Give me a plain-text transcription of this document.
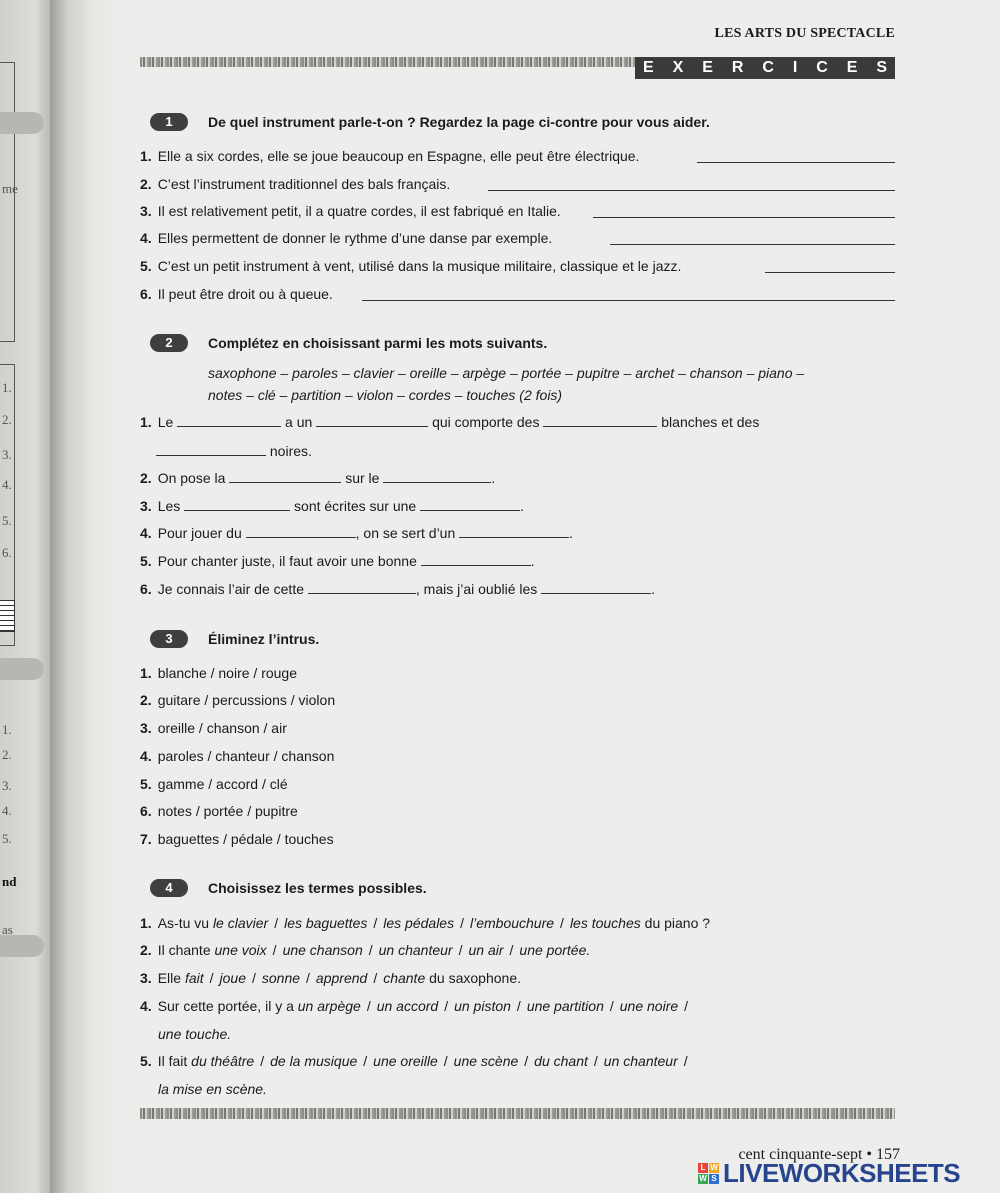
me
1.
2.
3.
4.
5.
6.
1.
2.
3.
4.
5.
nd
as
LES ARTS DU SPECTACLE
E X E R C I C E S
1	De quel instrument parle-t-on ? Regardez la page ci-contre pour vous aider.
1. Elle a six cordes, elle se joue beaucoup en Espagne, elle peut être électrique.
2. C’est l’instrument traditionnel des bals français.
3. Il est relativement petit, il a quatre cordes, il est fabriqué en Italie.
4. Elles permettent de donner le rythme d’une danse par exemple.
5. C’est un petit instrument à vent, utilisé dans la musique militaire, classique et le jazz.
6. Il peut être droit ou à queue.
2	Complétez en choisissant parmi les mots suivants.
saxophone – paroles – clavier – oreille – arpège – portée – pupitre – archet – chanson – piano –
notes – clé – partition – violon – cordes – touches (2 fois)
1. Le	a un	qui comporte des	blanches et des
noires.
2. On pose la	sur le	.
3. Les	sont écrites sur une	.
4. Pour jouer du	, on se sert d’un	.
5. Pour chanter juste, il faut avoir une bonne	.
6. Je connais l’air de cette	, mais j’ai oublié les	.
3	Éliminez l’intrus.
1. blanche / noire / rouge
2. guitare / percussions / violon
3. oreille / chanson / air
4. paroles / chanteur / chanson
5. gamme / accord / clé
6. notes / portée / pupitre
7. baguettes / pédale / touches
4	Choisissez les termes possibles.
1. As-tu vu le clavier / les baguettes / les pédales / l’embouchure / les touches du piano ?
2. Il chante une voix / une chanson / un chanteur / un air / une portée.
3. Elle fait / joue / sonne / apprend / chante du saxophone.
4. Sur cette portée, il y a un arpège / un accord / un piston / une partition / une noire /
une touche.
5. Il fait du théâtre / de la musique / une oreille / une scène / du chant / un chanteur /
la mise en scène.
cent cinquante-sept • 157
L W
W S LIVEWORKSHEETS
